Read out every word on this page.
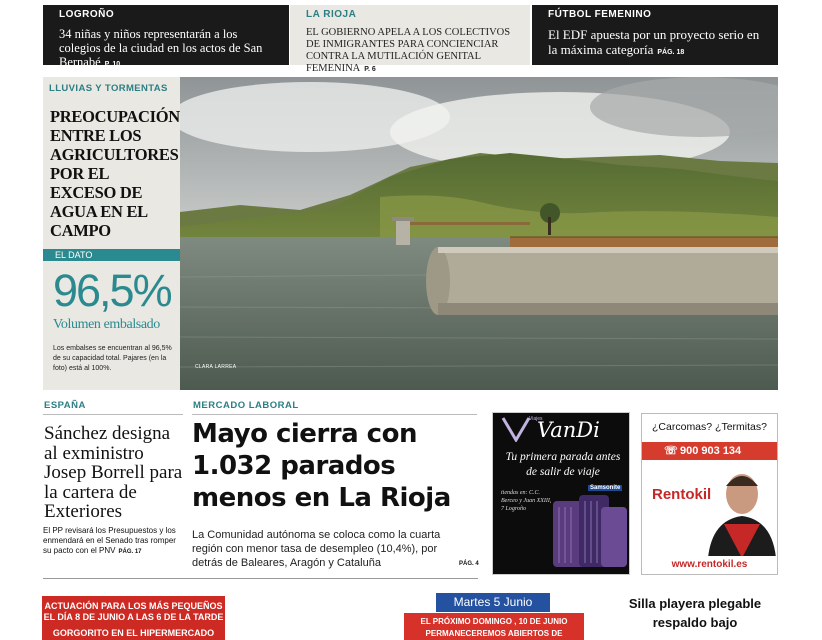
LOGROÑO
34 niñas y niños representarán a los colegios de la ciudad en los actos de San Bernabé P. 10
LA RIOJA
EL GOBIERNO APELA A LOS COLECTIVOS DE INMIGRANTES PARA CONCIENCIAR CONTRA LA MUTILACIÓN GENITAL FEMENINA P. 6
FÚTBOL FEMENINO
El EDF apuesta por un proyecto serio en la máxima categoría PÁG. 18
LLUVIAS Y TORMENTAS
PREOCUPACIÓN ENTRE LOS AGRICULTORES POR EL EXCESO DE AGUA EN EL CAMPO
EL DATO
96,5%
Volumen embalsado
Los embalses se encuentran al 96,5% de su capacidad total. Pajares (en la foto) está al 100%.	CLARA LARREA
ESPAÑA
Sánchez designa al exministro Josep Borrell para la cartera de Exteriores
El PP revisará los Presupuestos y los enmendará en el Senado tras romper su pacto con el PNV PÁG. 17
MERCADO LABORAL
Mayo cierra con 1.032 parados menos en La Rioja
La Comunidad autónoma se coloca como la cuarta región con menor tasa de desempleo (10,4%), por detrás de Baleares, Aragón y Cataluña	PÁG. 4
Viajes
VanDi
Tu primera parada antes de salir de viaje
tiendas en: C.C. Berceo y Juan XXIII, 7 Logroño
Samsonite
¿Carcomas? ¿Termitas?
☏ 900 903 134
Rentokil
www.rentokil.es
ACTUACIÓN PARA LOS MÁS PEQUEÑOS EL DÍA 8 DE JUNIO A LAS 6 DE LA TARDE
GORGORITO EN EL HIPERMERCADO
Martes 5 Junio
EL PRÓXIMO DOMINGO , 10 DE JUNIO PERMANECEREMOS ABIERTOS DE
Silla playera plegable respaldo bajo
